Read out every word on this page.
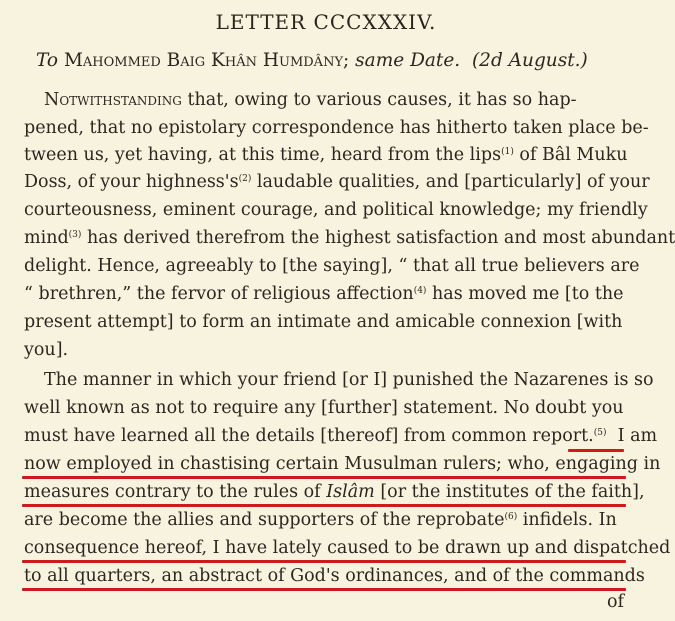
LETTER CCCXXXIV.
To Mahommed Baig Khân Humdâny; same Date. (2d August.)
Notwithstanding that, owing to various causes, it has so hap-
pened, that no epistolary correspondence has hitherto taken place be-
tween us, yet having, at this time, heard from the lips$^{(1)}$ of Bâl Muku
Doss, of your $highness's^{(2)}$ laudable qualities, and [particularly] of your
courteousness, eminent courage, and political knowledge; my friendly
mind$^{(3)}$ has derived therefrom the highest satisfaction and most abundant
delight. Hence, agreeably to [the saying], “ that all true believers are
“ brethren,” the fervor of religious affection$^{(4)}$ has moved me [to the
present attempt] to form an intimate and amicable connexion [with
you].
The manner in which your friend [or I] punished the Nazarenes is so
well known as not to require any [further] statement. No doubt you
must have learned all the details [thereof] from common report.$^{(5)}$ I am
now employed in chastising certain Musulman rulers; who, engaging in
measures contrary to the rules of Islâm [or the institutes of the faith],
are become the allies and supporters of the reprobate$^{(6)}$ infidels. In
consequence hereof, I have lately caused to be drawn up and dispatched
to all quarters, an abstract of God's ordinances, and of the commands
of
